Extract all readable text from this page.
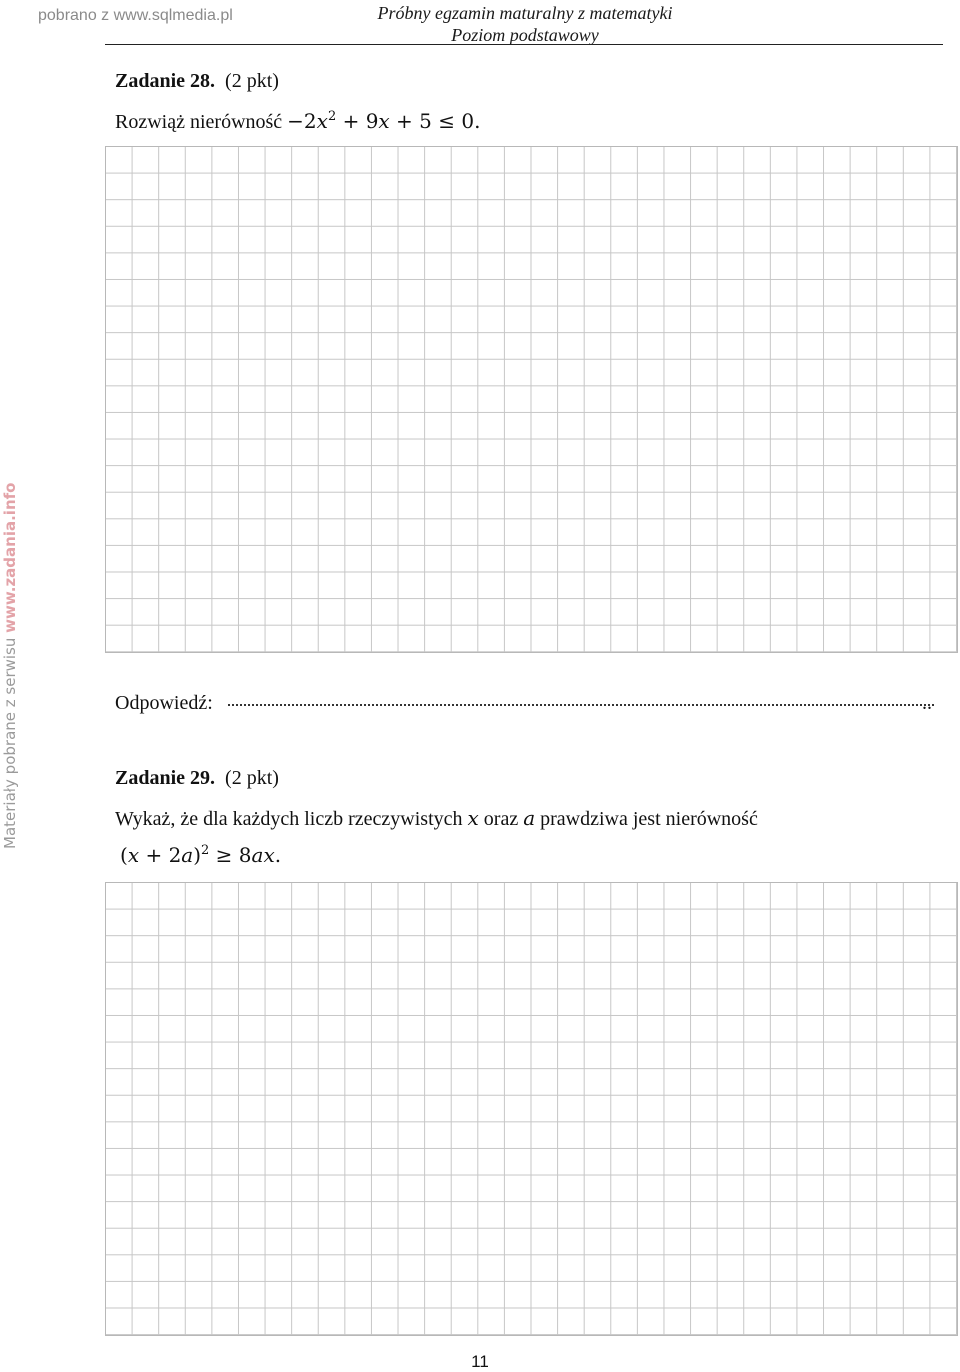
pobrano z www.sqlmedia.pl	Próbny egzamin maturalny z matematyki
Poziom podstawowy
Zadanie 28. (2 pkt)
Rozwiąż nierówność $-2x^2 + 9x + 5 \le 0$.
Odpowiedź:	..
Zadanie 29. (2 pkt)
Wykaż, że dla każdych liczb rzeczywistych x oraz a prawdziwa jest nierówność
$(x + 2a)^2 \ge 8ax$.
Materiały pobrane z serwisu www.zadania.info
11
